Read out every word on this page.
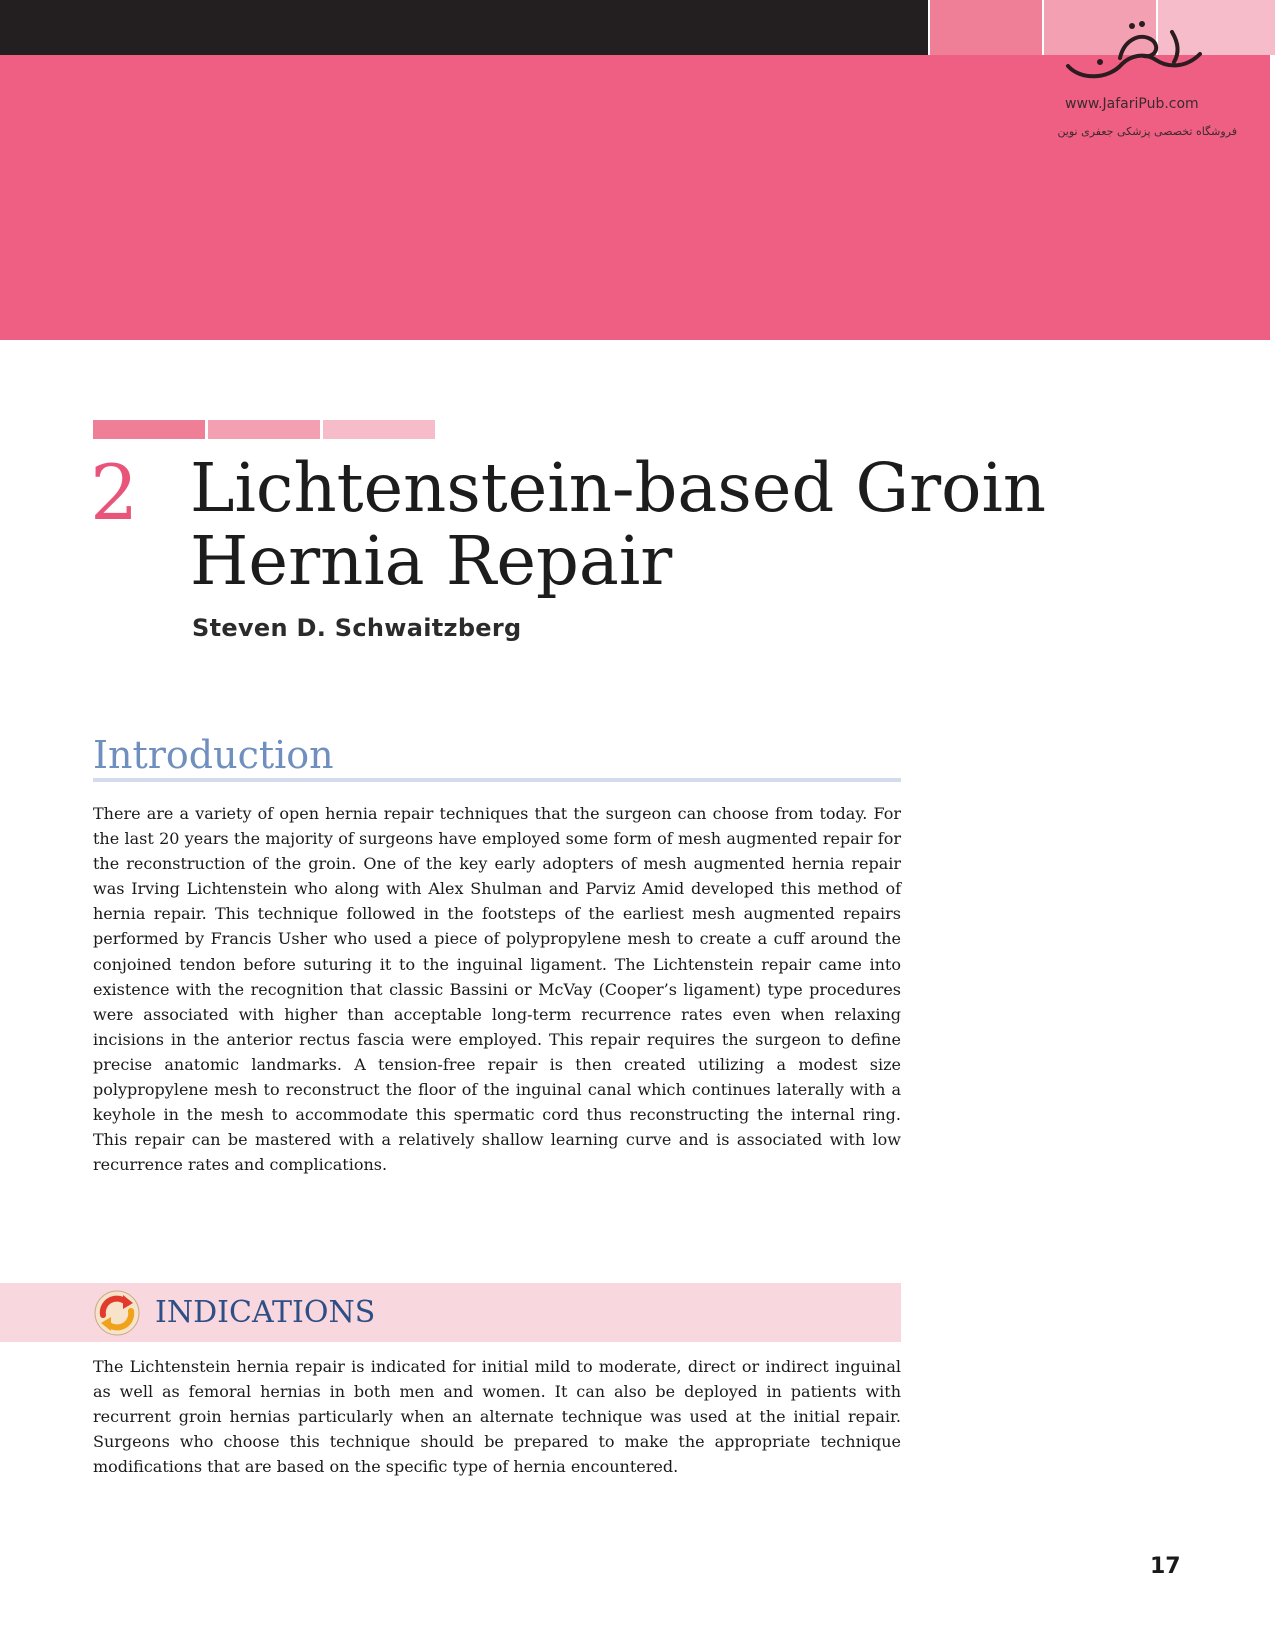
www.JafariPub.com
فروشگاه تخصصی پزشکی جعفری نوین
2 Lichtenstein-based Groin
Hernia Repair
Steven D. Schwaitzberg
Introduction

There are a variety of open hernia repair techniques that the surgeon can choose from today. For the last 20 years the majority of surgeons have employed some form of mesh augmented repair for the reconstruction of the groin. One of the key early adopters of mesh augmented hernia repair was Irving Lichtenstein who along with Alex Shulman and Parviz Amid developed this method of hernia repair. This technique followed in the footsteps of the earliest mesh augmented repairs performed by Francis Usher who used a piece of polypropylene mesh to create a cuff around the conjoined tendon before suturing it to the inguinal ligament. The Lichtenstein repair came into existence with the recognition that classic Bassini or McVay (Cooper’s ligament) type procedures were associated with higher than acceptable long-term recurrence rates even when relaxing incisions in the anterior rectus fascia were employed. This repair requires the surgeon to define precise anatomic landmarks. A tension-free repair is then created utilizing a modest size polypropylene mesh to reconstruct the floor of the inguinal canal which continues laterally with a keyhole in the mesh to accommodate this spermatic cord thus reconstructing the internal ring. This repair can be mastered with a relatively shallow learning curve and is associated with low recurrence rates and complications.

INDICATIONS

The Lichtenstein hernia repair is indicated for initial mild to moderate, direct or indirect inguinal as well as femoral hernias in both men and women. It can also be deployed in patients with recurrent groin hernias particularly when an alternate technique was used at the initial repair. Surgeons who choose this technique should be prepared to make the appropriate technique modifications that are based on the specific type of hernia encountered.

17
